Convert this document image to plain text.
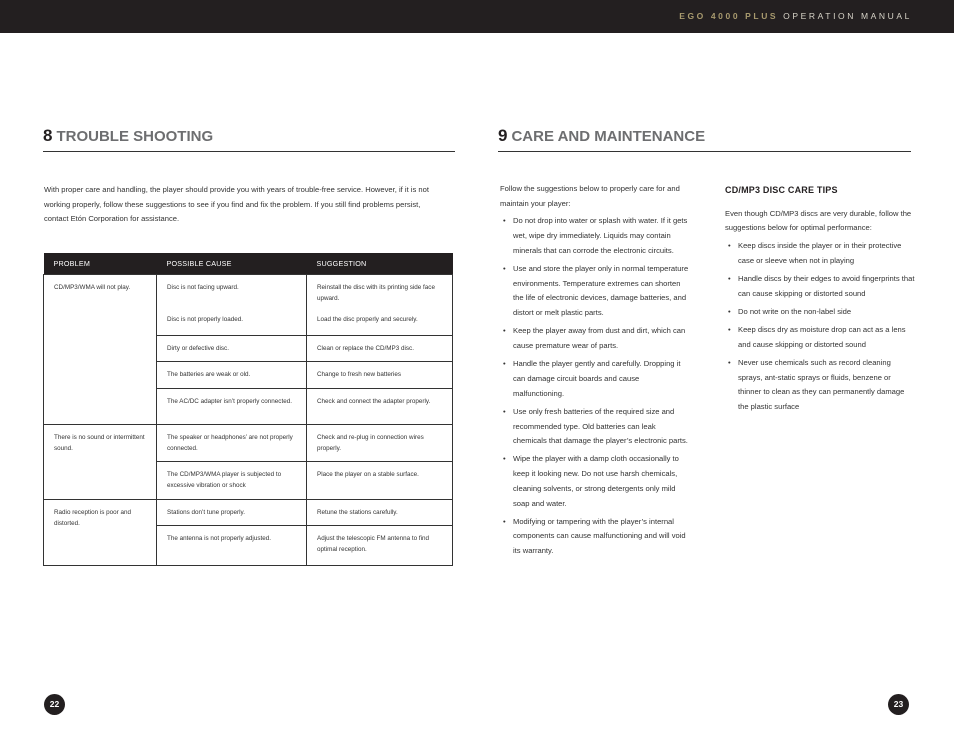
EGO 4000 PLUS OPERATION MANUAL
8 TROUBLE SHOOTING	9 CARE AND MAINTENANCE

With proper care and handling, the player should provide you with years of trouble-free service. However, if it is not working properly, follow these suggestions to see if you find and fix the problem. If you still find problems persist, contact Etón Corporation for assistance.

PROBLEM	POSSIBLE CAUSE	SUGGESTION
CD/MP3/WMA will not play.	Disc is not facing upward.	Reinstall the disc with its printing side face upward.
	Disc is not properly loaded.	Load the disc properly and securely.
	Dirty or defective disc.	Clean or replace the CD/MP3 disc.
	The batteries are weak or old.	Change to fresh new batteries
	The AC/DC adapter isn’t properly connected.	Check and connect the adapter properly.
There is no sound or intermittent sound.	The speaker or headphones’ are not properly connected.	Check and re-plug in connection wires properly.
	The CD/MP3/WMA player is subjected to excessive vibration or shock	Place the player on a stable surface.
Radio reception is poor and distorted.	Stations don’t tune properly.	Retune the stations carefully.
	The antenna is not properly adjusted.	Adjust the telescopic FM antenna to find optimal reception.

Follow the suggestions below to properly care for and maintain your player:

• Do not drop into water or splash with water. If it gets wet, wipe dry immediately. Liquids may contain minerals that can corrode the electronic circuits.
• Use and store the player only in normal temperature environments. Temperature extremes can shorten the life of electronic devices, damage batteries, and distort or melt plastic parts.
• Keep the player away from dust and dirt, which can cause premature wear of parts.
• Handle the player gently and carefully. Dropping it can damage circuit boards and cause malfunctioning.
• Use only fresh batteries of the required size and recommended type. Old batteries can leak chemicals that damage the player’s electronic parts.
• Wipe the player with a damp cloth occasionally to keep it looking new. Do not use harsh chemicals, cleaning solvents, or strong detergents only mild soap and water.
• Modifying or tampering with the player’s internal components can cause malfunctioning and will void its warranty.
CD/MP3 DISC CARE TIPS

Even though CD/MP3 discs are very durable, follow the suggestions below for optimal performance:

• Keep discs inside the player or in their protective case or sleeve when not in playing
• Handle discs by their edges to avoid fingerprints that can cause skipping or distorted sound
• Do not write on the non-label side
• Keep discs dry as moisture drop can act as a lens and cause skipping or distorted sound
• Never use chemicals such as record cleaning sprays, ant-static sprays or fluids, benzene or thinner to clean as they can permanently damage the plastic surface
22	23
